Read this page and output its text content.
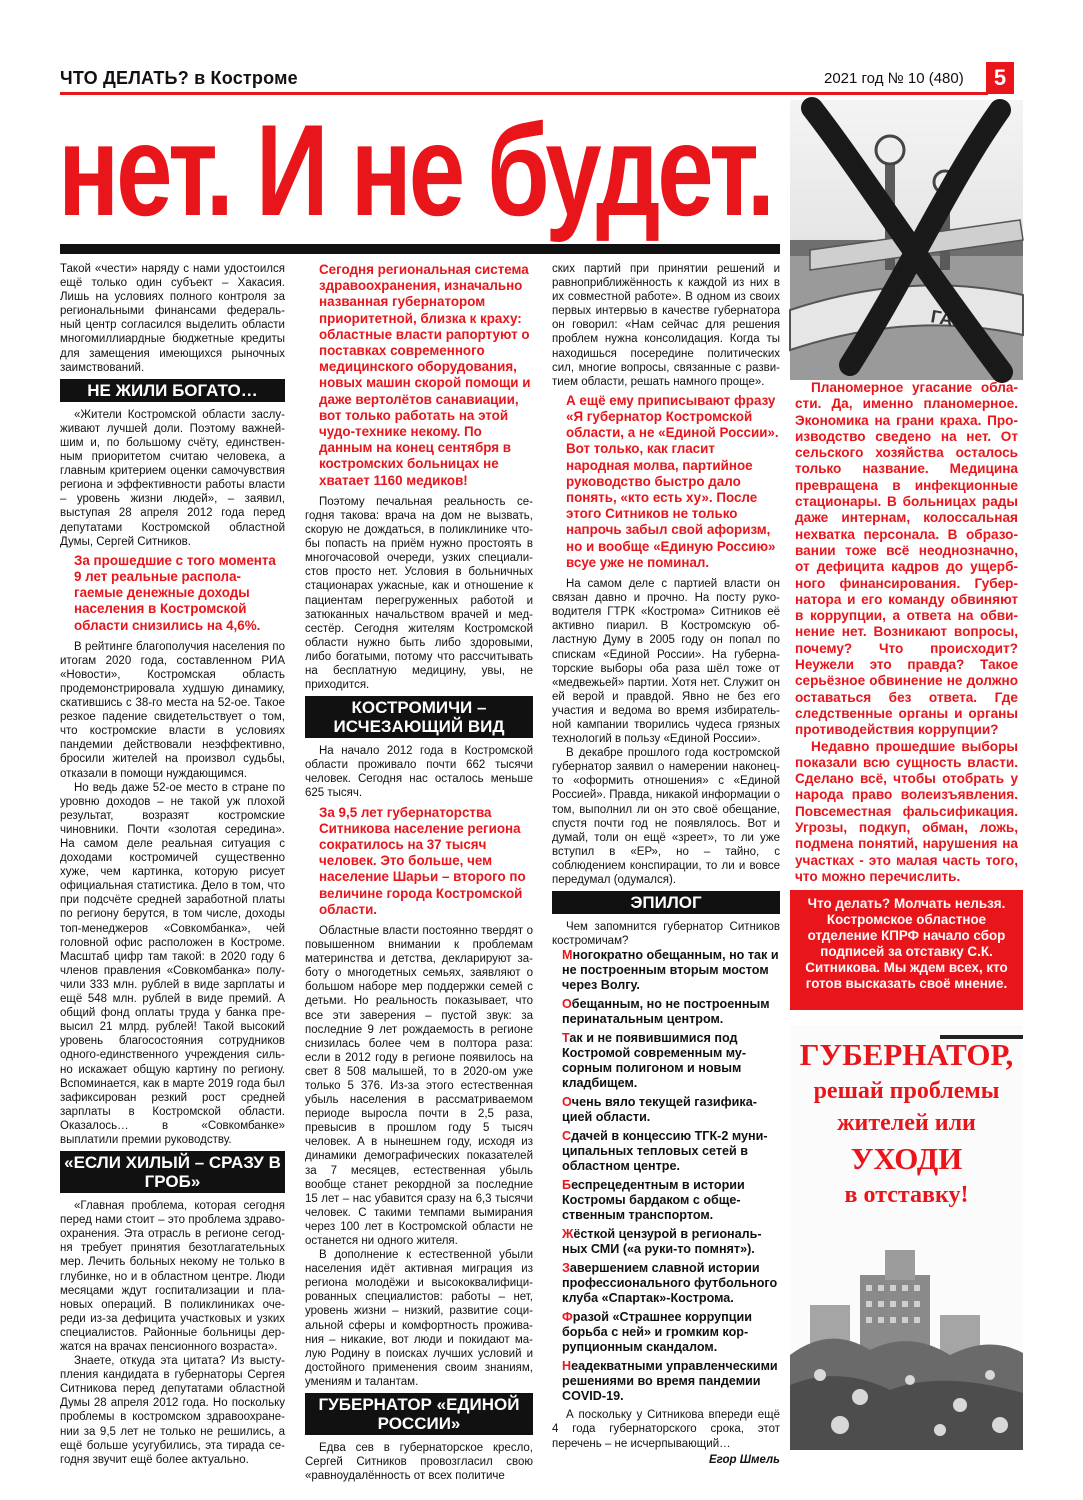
ЧТО ДЕЛАТЬ? в Костроме	2021 год № 10 (480)	5
нет. И не будет.
ГАЗ

Такой «чести» наряду с нами удостоился ещё только один субъект – Хакасия. Лишь на условиях полного контроля за региональными финансами федеральный центр согласился выделить области многомиллиардные бюджетные кредиты для замещения имеющихся рыночных заимствований.

НЕ ЖИЛИ БОГАТО…

«Жители Костромской области заслуживают лучшей доли. Поэтому важнейшим и, по большому счёту, единственным приоритетом считаю человека, а главным критерием оценки самочувствия региона и эффективности работы власти – уровень жизни людей», – заявил, выступая 28 апреля 2012 года перед депутатами Костромской областной Думы, Сергей Ситников.

За прошедшие с того момента 9 лет реальные располагаемые денежные доходы населения в Костромской области снизились на 4,6%.

В рейтинге благополучия населения по итогам 2020 года, составленном РИА «Новости», Костромская область продемонстрировала худшую динамику, скатившись с 38-го места на 52-ое. Такое резкое падение свидетельствует о том, что костромские власти в условиях пандемии действовали неэффективно, бросили жителей на произвол судьбы, отказали в помощи нуждающимся.

Но ведь даже 52-ое место в стране по уровню доходов – не такой уж плохой результат, возразят костромские чиновники. Почти «золотая середина». На самом деле реальная ситуация с доходами костромичей существенно хуже, чем картинка, которую рисует официальная статистика. Дело в том, что при подсчёте средней заработной платы по региону берутся, в том числе, доходы топ-менеджеров «Совкомбанка», чей головной офис расположен в Костроме. Масштаб цифр там такой: в 2020 году 6 членов правления «Совкомбанка» получили 333 млн. рублей в виде зарплаты и ещё 548 млн. рублей в виде премий. А общий фонд оплаты труда у банка превысил 21 млрд. рублей! Такой высокий уровень благосостояния сотрудников одного-единственного учреждения сильно искажает общую картину по региону. Вспоминается, как в марте 2019 года был зафиксирован резкий рост средней зарплаты в Костромской области. Оказалось… в «Совкомбанке» выплатили премии руководству.

«ЕСЛИ ХИЛЫЙ – СРАЗУ В ГРОБ»

«Главная проблема, которая сегодня перед нами стоит – это проблема здравоохранения. Эта отрасль в регионе сегодня требует принятия безотлагательных мер. Лечить больных некому не только в глубинке, но и в областном центре. Люди месяцами ждут госпитализации и плановых операций. В поликлиниках очереди из-за дефицита участковых и узких специалистов. Районные больницы держатся на врачах пенсионного возраста».

Знаете, откуда эта цитата? Из выступления кандидата в губернаторы Сергея Ситникова перед депутатами областной Думы 28 апреля 2012 года. Но поскольку проблемы в костромском здравоохранении за 9,5 лет не только не решились, а ещё больше усугубились, эта тирада сегодня звучит ещё более актуально.

Сегодня региональная система здравоохранения, изначально названная губернатором приоритетной, близка к краху: областные власти рапортуют о поставках современного медицинского оборудования, новых машин скорой помощи и даже вертолётов санавиации, вот только работать на этой чудо-технике некому. По данным на конец сентября в костромских больницах не хватает 1160 медиков!

Поэтому печальная реальность сегодня такова: врача на дом не вызвать, скорую не дождаться, в поликлинике чтобы попасть на приём нужно простоять в многочасовой очереди, узких специалистов просто нет. Условия в больничных стационарах ужасные, как и отношение к пациентам перегруженных работой и затюканных начальством врачей и медсестёр. Сегодня жителям Костромской области нужно быть либо здоровыми, либо богатыми, потому что рассчитывать на бесплатную медицину, увы, не приходится.

КОСТРОМИЧИ – ИСЧЕЗАЮЩИЙ ВИД

На начало 2012 года в Костромской области проживало почти 662 тысячи человек. Сегодня нас осталось меньше 625 тысяч.

За 9,5 лет губернаторства Ситникова население региона сократилось на 37 тысяч человек. Это больше, чем население Шарьи – второго по величине города Костромской области.

Областные власти постоянно твердят о повышенном внимании к проблемам материнства и детства, декларируют заботу о многодетных семьях, заявляют о большом наборе мер поддержки семей с детьми. Но реальность показывает, что все эти заверения – пустой звук: за последние 9 лет рождаемость в регионе снизилась более чем в полтора раза: если в 2012 году в регионе появилось на свет 8 508 малышей, то в 2020-ом уже только 5 376. Из-за этого естественная убыль населения в рассматриваемом периоде выросла почти в 2,5 раза, превысив в прошлом году 5 тысяч человек. А в нынешнем году, исходя из динамики демографических показателей за 7 месяцев, естественная убыль вообще станет рекордной за последние 15 лет – нас убавится сразу на 6,3 тысячи человек. С такими темпами вымирания через 100 лет в Костромской области не останется ни одного жителя.

В дополнение к естественной убыли населения идёт активная миграция из региона молодёжи и высококвалифицированных специалистов: работы – нет, уровень жизни – низкий, развитие социальной сферы и комфортность проживания – никакие, вот люди и покидают малую Родину в поисках лучших условий и достойного применения своим знаниям, умениям и талантам.

ГУБЕРНАТОР «ЕДИНОЙ РОССИИ»

Едва сев в губернаторское кресло, Сергей Ситников провозгласил свою «равноудалённость от всех политиче

ских партий при принятии решений и равноприближённость к каждой из них в их совместной работе». В одном из своих первых интервью в качестве губернатора он говорил: «Нам сейчас для решения проблем нужна консолидация. Когда ты находишься посередине политических сил, многие вопросы, связанные с развитием области, решать намного проще».

А ещё ему приписывают фразу «Я губернатор Костромской области, а не «Единой России». Вот только, как гласит народная молва, партийное руководство быстро дало понять, «кто есть ху». После этого Ситников не только напрочь забыл свой афоризм, но и вообще «Единую Россию» всуе уже не поминал.

На самом деле с партией власти он связан давно и прочно. На посту руководителя ГТРК «Кострома» Ситников её активно пиарил. В Костромскую областную Думу в 2005 году он попал по спискам «Единой России». На губернаторские выборы оба раза шёл тоже от «медвежьей» партии. Хотя нет. Служит он ей верой и правдой. Явно не без его участия и ведома во время избирательной кампании творились чудеса грязных технологий в пользу «Единой России».

В декабре прошлого года костромской губернатор заявил о намерении наконец-то «оформить отношения» с «Единой Россией». Правда, никакой информации о том, выполнил ли он это своё обещание, спустя почти год не появлялось. Вот и думай, толи он ещё «зреет», то ли уже вступил в «ЕР», но – тайно, с соблюдением конспирации, то ли и вовсе передумал (одумался).

ЭПИЛОГ

Чем запомнится губернатор Ситников костромичам?

Многократно обещанным, но так и не построенным вторым мостом через Волгу.
Обещанным, но не построенным перинатальным центром.
Так и не появившимися под Костромой современным мусорным полигоном и новым кладбищем.
Очень вяло текущей газификацией области.
Сдачей в концессию ТГК-2 муниципальных тепловых сетей в областном центре.
Беспрецедентным в истории Костромы бардаком с общественным транспортом.
Жёсткой цензурой в региональных СМИ («а руки-то помнят»).
Завершением славной истории профессионального футбольного клуба «Спартак»-Кострома.
Фразой «Страшнее коррупции борьба с ней» и громким коррупционным скандалом.
Неадекватными управленческими решениями во время пандемии COVID-19.

А поскольку у Ситникова впереди ещё 4 года губернаторского срока, этот перечень – не исчерпывающий…

Егор Шмель

Планомерное угасание области. Да, именно планомерное. Экономика на грани краха. Производство сведено на нет. От сельского хозяйства осталось только название. Медицина превращена в инфекционные стационары. В больницах рады даже интернам, колоссальная нехватка персонала. В образовании тоже всё неоднозначно, от дефицита кадров до ущербного финансирования. Губернатора и его команду обвиняют в коррупции, а ответа на обвинение нет. Возникают вопросы, почему? Что происходит? Неужели это правда? Такое серьёзное обвинение не должно оставаться без ответа. Где следственные органы и органы противодействия коррупции?

Недавно прошедшие выборы показали всю сущность власти. Сделано всё, чтобы отобрать у народа право волеизъявления. Повсеместная фальсификация. Угрозы, подкуп, обман, ложь, подмена понятий, нарушения на участках - это малая часть того, что можно перечислить.

Что делать? Молчать нельзя. Костромское областное отделение КПРФ начало сбор подписей за отставку С.К. Ситникова. Мы ждем всех, кто готов высказать своё мнение.
ГУБЕРНАТОР,
решай проблемы
жителей или
УХОДИ
в отставку!
